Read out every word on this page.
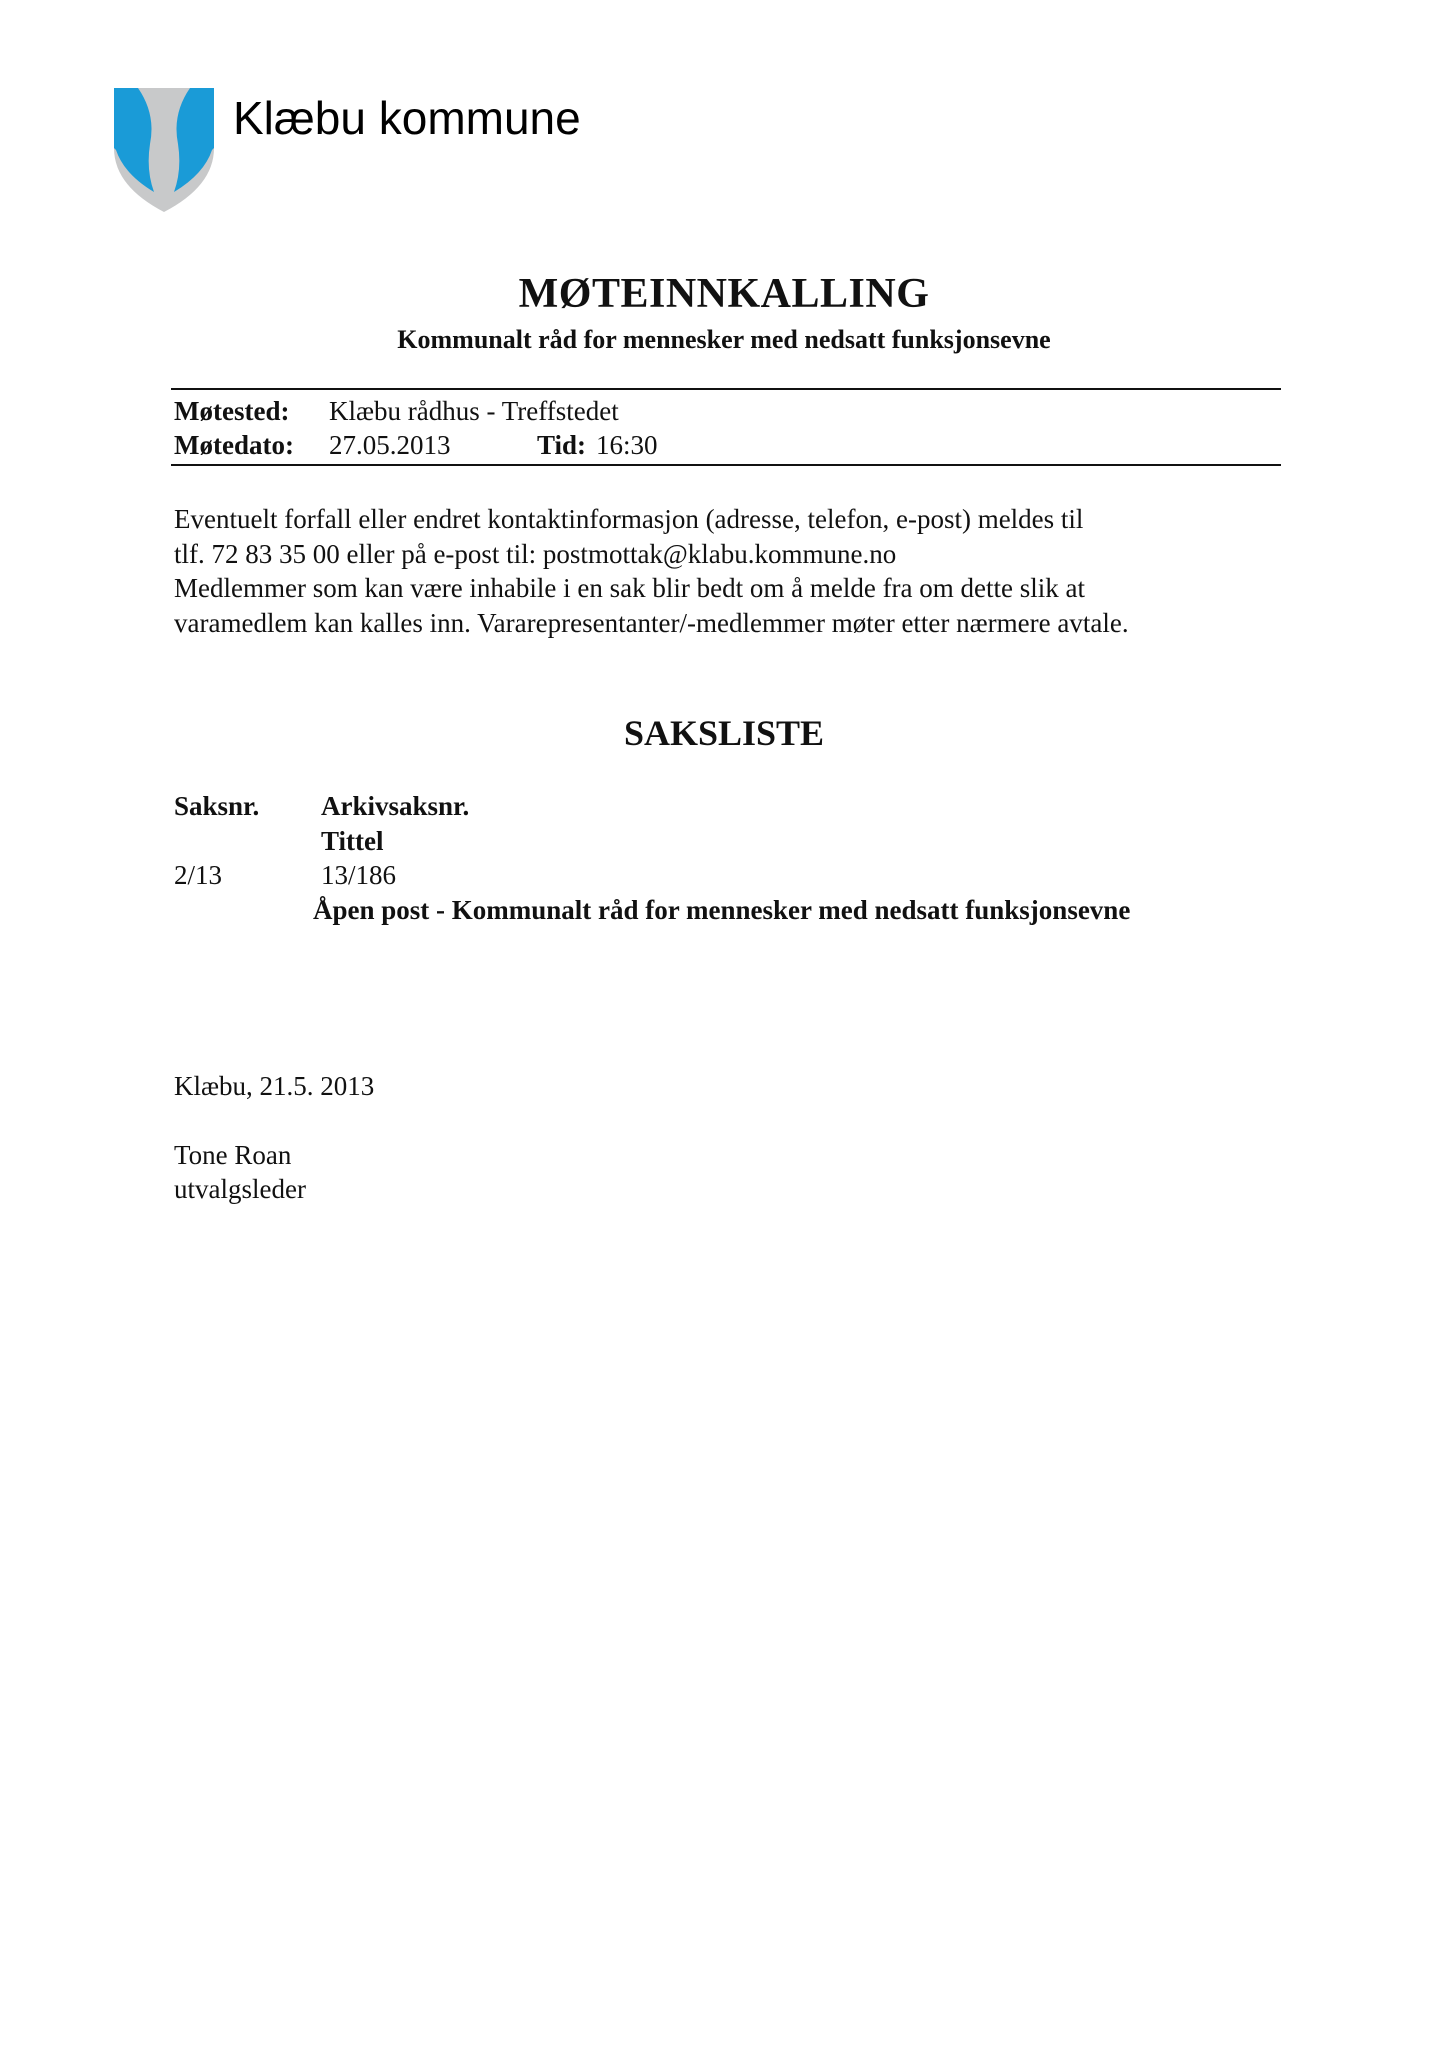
Klæbu kommune
MØTEINNKALLING
Kommunalt råd for mennesker med nedsatt funksjonsevne
Møtested: Klæbu rådhus - Treffstedet
Møtedato: 27.05.2013	Tid: 16:30
Eventuelt forfall eller endret kontaktinformasjon (adresse, telefon, e-post) meldes til
tlf. 72 83 35 00 eller på e-post til: postmottak@klabu.kommune.no
Medlemmer som kan være inhabile i en sak blir bedt om å melde fra om dette slik at
varamedlem kan kalles inn. Vararepresentanter/-medlemmer møter etter nærmere avtale.
SAKSLISTE
Saksnr. Arkivsaksnr.
Tittel
2/13	13/186
Åpen post - Kommunalt råd for mennesker med nedsatt funksjonsevne
Klæbu, 21.5. 2013
Tone Roan
utvalgsleder
